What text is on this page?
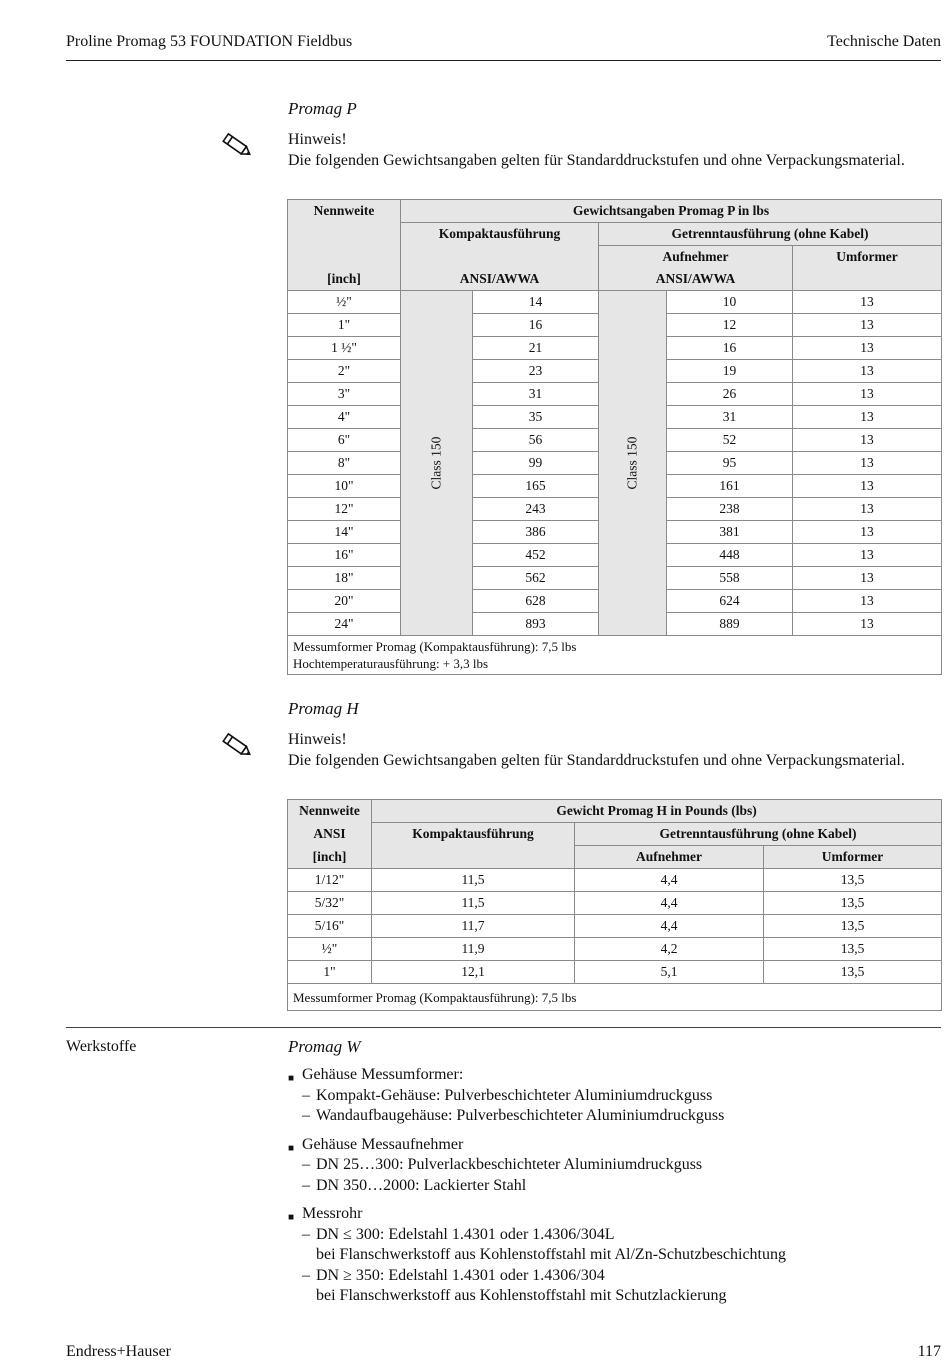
Proline Promag 53 FOUNDATION Fieldbus	Technische Daten
Promag P
Hinweis!
Die folgenden Gewichtsangaben gelten für Standarddruckstufen und ohne Verpackungsmaterial.
Nennweite	Gewichtsangaben Promag P in lbs				
	Kompaktausführung		Getrenntausführung (ohne Kabel)		
			Aufnehmer		Umformer
[inch]	ANSI/AWWA		ANSI/AWWA		
½"	Class 150	14	Class 150	10	13
1"		16		12	13
1 ½"		21		16	13
2"		23		19	13
3"		31		26	13
4"		35		31	13
6"		56		52	13
8"		99		95	13
10"		165		161	13
12"		243		238	13
14"		386		381	13
16"		452		448	13
18"		562		558	13
20"		628		624	13
24"		893		889	13

Messumformer Promag (Kompaktausführung): 7,5 lbs
Hochtemperaturausführung: + 3,3 lbs					
Promag H
Hinweis!
Die folgenden Gewichtsangaben gelten für Standarddruckstufen und ohne Verpackungsmaterial.
Nennweite	Gewicht Promag H in Pounds (lbs)		
ANSI	Kompaktausführung	Getrenntausführung (ohne Kabel)	
[inch]		Aufnehmer	Umformer
1/12"	11,5	4,4	13,5
5/32"	11,5	4,4	13,5
5/16"	11,7	4,4	13,5
½"	11,9	4,2	13,5
1"	12,1	5,1	13,5

Messumformer Promag (Kompaktausführung): 7,5 lbs			
Werkstoffe	Promag W
■ Gehäuse Messumformer:
– Kompakt-Gehäuse: Pulverbeschichteter Aluminiumdruckguss
– Wandaufbaugehäuse: Pulverbeschichteter Aluminiumdruckguss
■ Gehäuse Messaufnehmer
– DN 25…300: Pulverlackbeschichteter Aluminiumdruckguss
– DN 350…2000: Lackierter Stahl
■ Messrohr
– DN ≤ 300: Edelstahl 1.4301 oder 1.4306/304L
bei Flanschwerkstoff aus Kohlenstoffstahl mit Al/Zn-Schutzbeschichtung
– DN ≥ 350: Edelstahl 1.4301 oder 1.4306/304
bei Flanschwerkstoff aus Kohlenstoffstahl mit Schutzlackierung
Endress+Hauser	117
